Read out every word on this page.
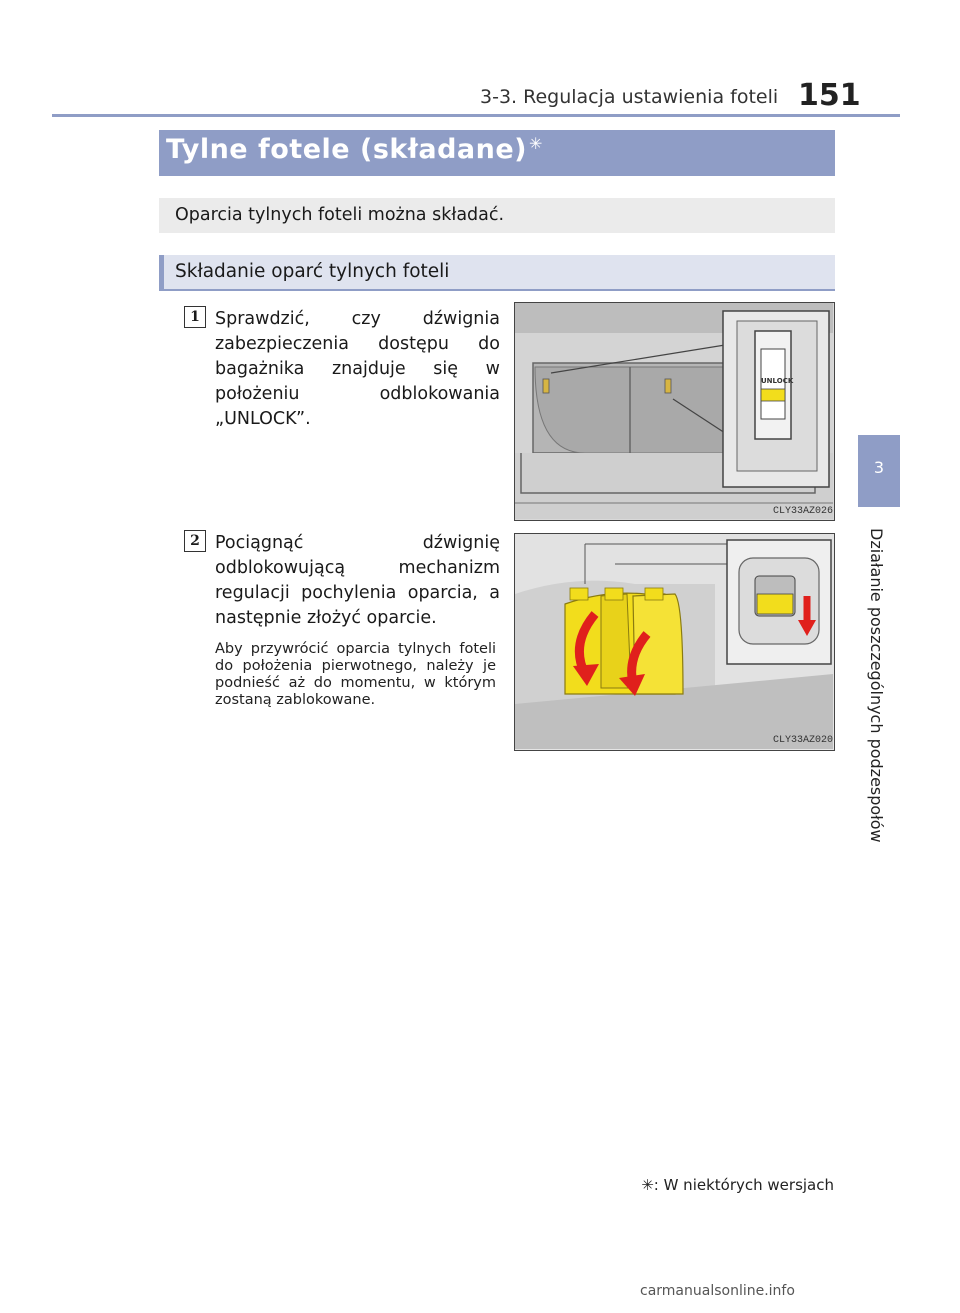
3-3. Regulacja ustawienia foteli 151
3
Działanie poszczególnych podzespołów
Tylne fotele (składane) ✳
Oparcia tylnych foteli można składać.
Składanie oparć tylnych foteli
1 Sprawdzić, czy dźwignia zabezpieczenia dostępu do bagażnika znajduje się w położeniu odblokowania „UNLOCK”.
UNLOCK
CLY33AZ026
2 Pociągnąć dźwignię odblokowującą mechanizm regulacji pochylenia oparcia, a następnie złożyć oparcie.
Aby przywrócić oparcia tylnych foteli do położenia pierwotnego, należy je podnieść aż do momentu, w którym zostaną zablokowane.
CLY33AZ020
✳: W niektórych wersjach
carmanualsonline.info
